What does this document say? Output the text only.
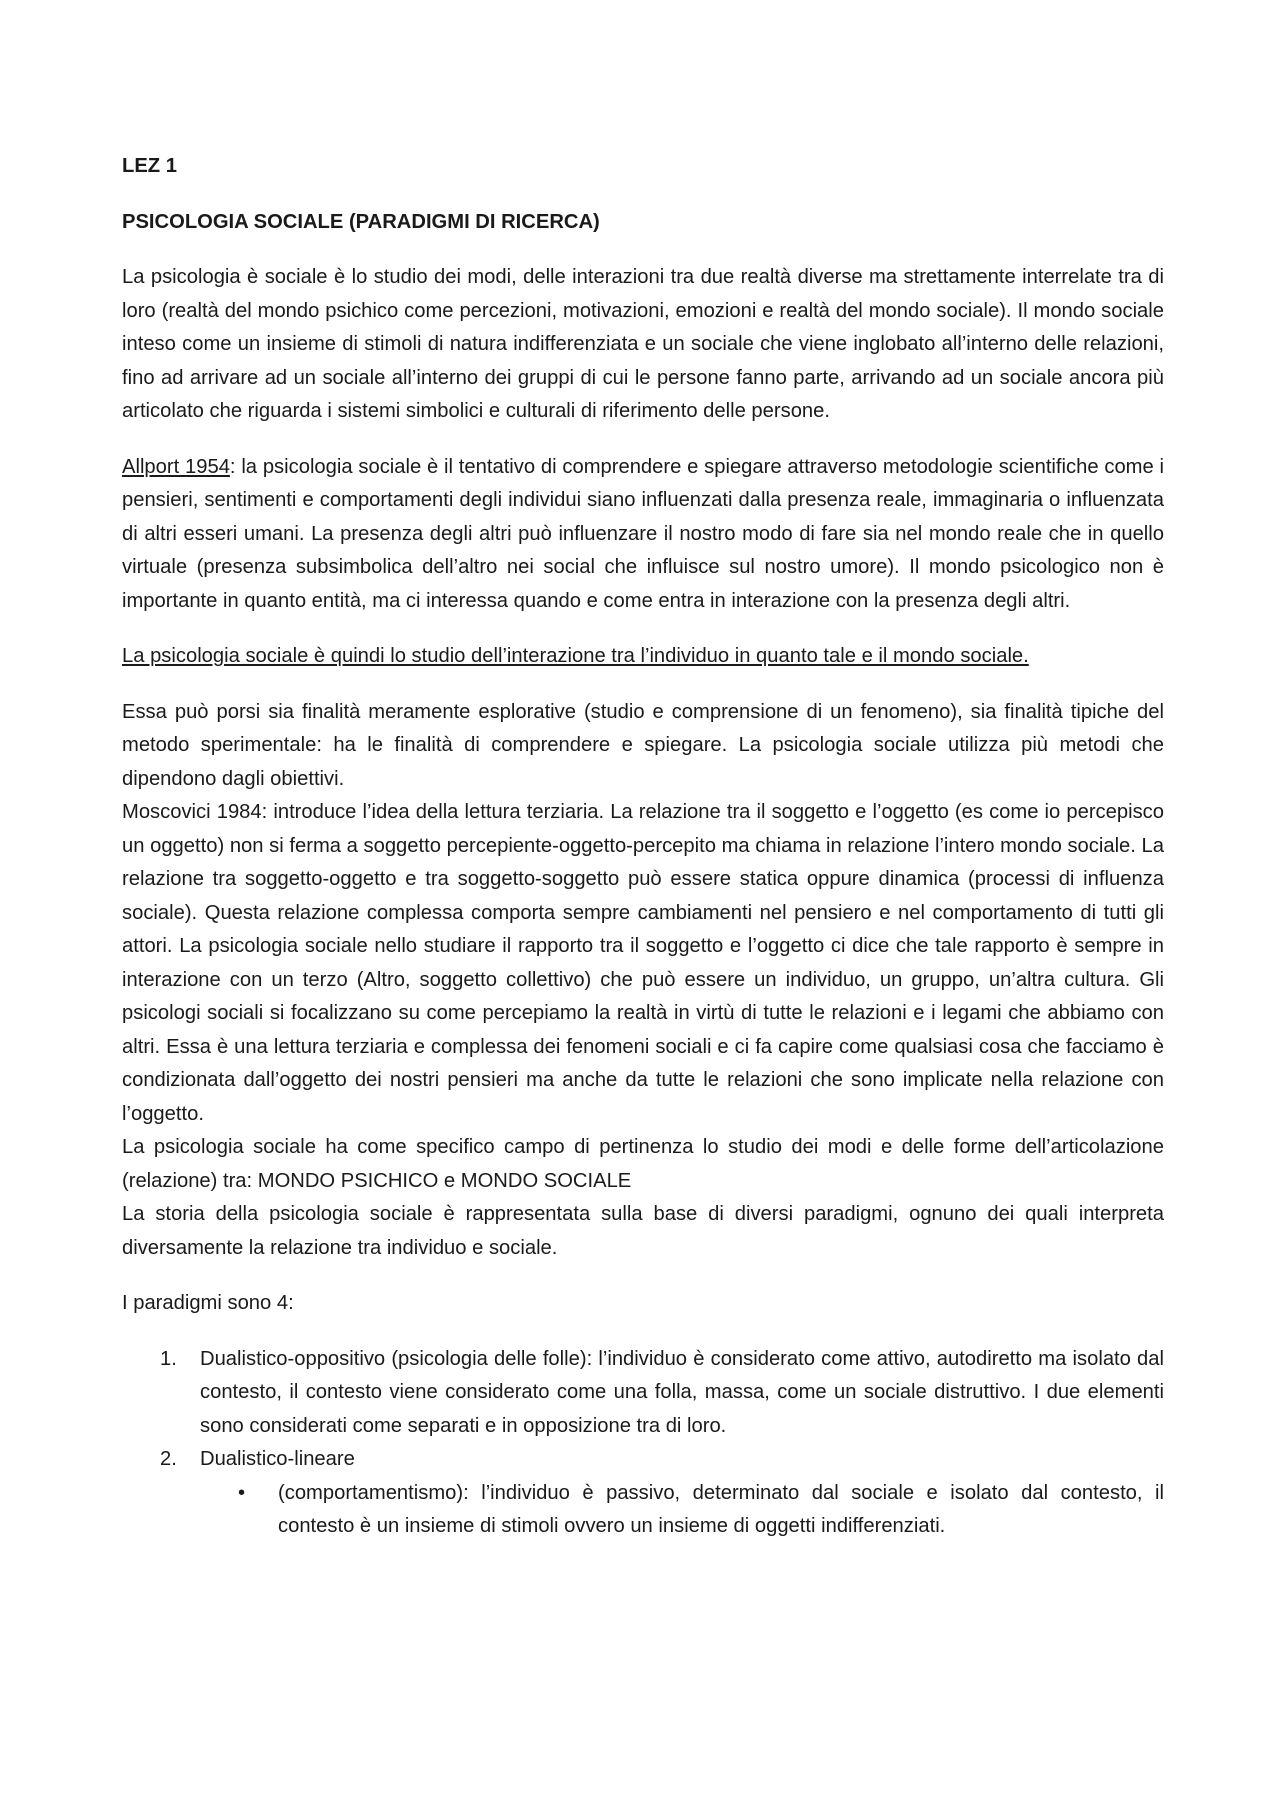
LEZ 1

PSICOLOGIA SOCIALE (PARADIGMI DI RICERCA)

La psicologia è sociale è lo studio dei modi, delle interazioni tra due realtà diverse ma strettamente interrelate tra di loro (realtà del mondo psichico come percezioni, motivazioni, emozioni e realtà del mondo sociale). Il mondo sociale inteso come un insieme di stimoli di natura indifferenziata e un sociale che viene inglobato all’interno delle relazioni, fino ad arrivare ad un sociale all’interno dei gruppi di cui le persone fanno parte, arrivando ad un sociale ancora più articolato che riguarda i sistemi simbolici e culturali di riferimento delle persone.

Allport 1954: la psicologia sociale è il tentativo di comprendere e spiegare attraverso metodologie scientifiche come i pensieri, sentimenti e comportamenti degli individui siano influenzati dalla presenza reale, immaginaria o influenzata di altri esseri umani. La presenza degli altri può influenzare il nostro modo di fare sia nel mondo reale che in quello virtuale (presenza subsimbolica dell’altro nei social che influisce sul nostro umore). Il mondo psicologico non è importante in quanto entità, ma ci interessa quando e come entra in interazione con la presenza degli altri.

La psicologia sociale è quindi lo studio dell’interazione tra l’individuo in quanto tale e il mondo sociale.

Essa può porsi sia finalità meramente esplorative (studio e comprensione di un fenomeno), sia finalità tipiche del metodo sperimentale: ha le finalità di comprendere e spiegare. La psicologia sociale utilizza più metodi che dipendono dagli obiettivi.

Moscovici 1984: introduce l’idea della lettura terziaria. La relazione tra il soggetto e l’oggetto (es come io percepisco un oggetto) non si ferma a soggetto percepiente-oggetto-percepito ma chiama in relazione l’intero mondo sociale. La relazione tra soggetto-oggetto e tra soggetto-soggetto può essere statica oppure dinamica (processi di influenza sociale). Questa relazione complessa comporta sempre cambiamenti nel pensiero e nel comportamento di tutti gli attori. La psicologia sociale nello studiare il rapporto tra il soggetto e l’oggetto ci dice che tale rapporto è sempre in interazione con un terzo (Altro, soggetto collettivo) che può essere un individuo, un gruppo, un’altra cultura. Gli psicologi sociali si focalizzano su come percepiamo la realtà in virtù di tutte le relazioni e i legami che abbiamo con altri. Essa è una lettura terziaria e complessa dei fenomeni sociali e ci fa capire come qualsiasi cosa che facciamo è condizionata dall’oggetto dei nostri pensieri ma anche da tutte le relazioni che sono implicate nella relazione con l’oggetto.

La psicologia sociale ha come specifico campo di pertinenza lo studio dei modi e delle forme dell’articolazione (relazione) tra: MONDO PSICHICO e MONDO SOCIALE

La storia della psicologia sociale è rappresentata sulla base di diversi paradigmi, ognuno dei quali interpreta diversamente la relazione tra individuo e sociale.

I paradigmi sono 4:

1. Dualistico-oppositivo (psicologia delle folle): l’individuo è considerato come attivo, autodiretto ma isolato dal contesto, il contesto viene considerato come una folla, massa, come un sociale distruttivo. I due elementi sono considerati come separati e in opposizione tra di loro.
2. Dualistico-lineare
• (comportamentismo): l’individuo è passivo, determinato dal sociale e isolato dal contesto, il contesto è un insieme di stimoli ovvero un insieme di oggetti indifferenziati.
